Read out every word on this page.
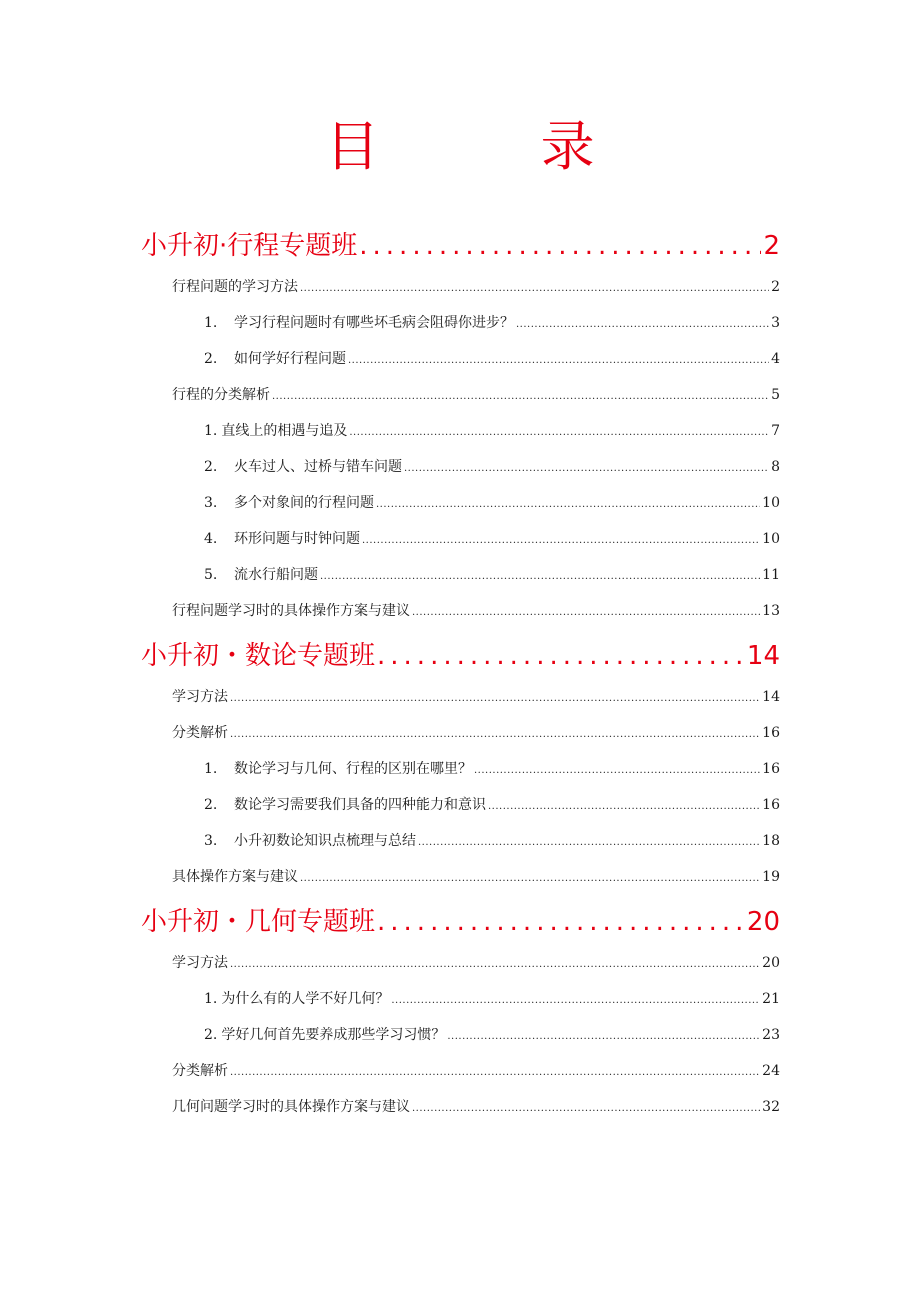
目 录
小升初·行程专题班 .....	2
行程问题的学习方法 .....	2
1. 学习行程问题时有哪些坏毛病会阻碍你进步？ .....	3
2. 如何学好行程问题 .....	4
行程的分类解析 .....	5
1. 直线上的相遇与追及 .....	7
2. 火车过人、过桥与错车问题 .....	8
3. 多个对象间的行程问题 .....	10
4. 环形问题与时钟问题 .....	10
5. 流水行船问题 .....	11
行程问题学习时的具体操作方案与建议 .....	13
小升初・数论专题班 .....	14
学习方法 .....	14
分类解析 .....	16
1. 数论学习与几何、行程的区别在哪里？ .....	16
2. 数论学习需要我们具备的四种能力和意识 .....	16
3. 小升初数论知识点梳理与总结 .....	18
具体操作方案与建议 .....	19
小升初・几何专题班 .....	20
学习方法 .....	20
1. 为什么有的人学不好几何？ .....	21
2. 学好几何首先要养成那些学习习惯？ .....	23
分类解析 .....	24
几何问题学习时的具体操作方案与建议 .....	32
